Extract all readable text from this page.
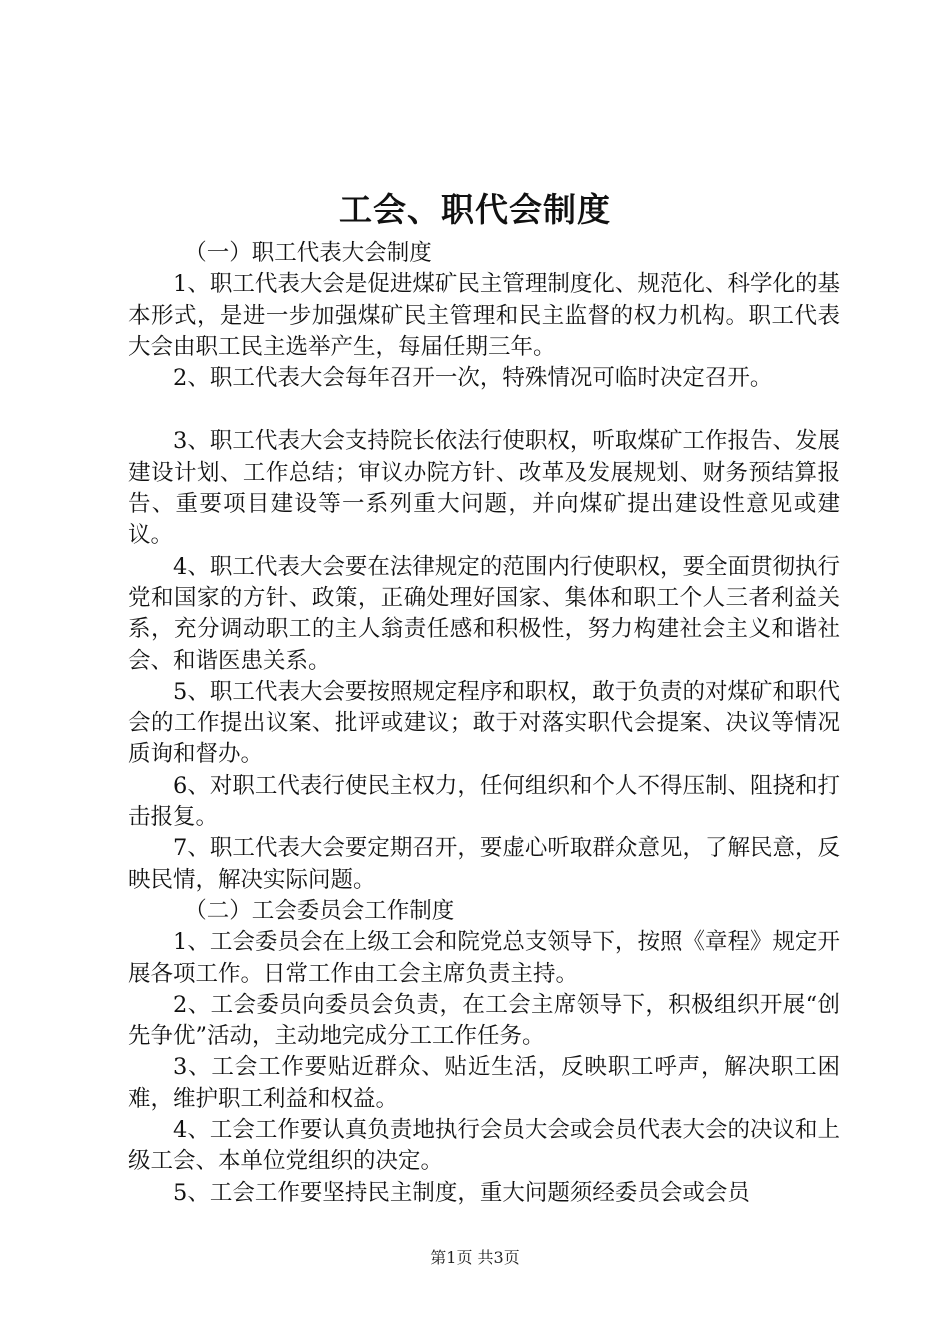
工会、职代会制度

（一）职工代表大会制度

1、职工代表大会是促进煤矿民主管理制度化、规范化、科学化的基本形式，是进一步加强煤矿民主管理和民主监督的权力机构。职工代表大会由职工民主选举产生，每届任期三年。

2、职工代表大会每年召开一次，特殊情况可临时决定召开。

3、职工代表大会支持院长依法行使职权，听取煤矿工作报告、发展建设计划、工作总结；审议办院方针、改革及发展规划、财务预结算报告、重要项目建设等一系列重大问题，并向煤矿提出建设性意见或建议。

4、职工代表大会要在法律规定的范围内行使职权，要全面贯彻执行党和国家的方针、政策，正确处理好国家、集体和职工个人三者利益关系，充分调动职工的主人翁责任感和积极性，努力构建社会主义和谐社会、和谐医患关系。

5、职工代表大会要按照规定程序和职权，敢于负责的对煤矿和职代会的工作提出议案、批评或建议；敢于对落实职代会提案、决议等情况质询和督办。

6、对职工代表行使民主权力，任何组织和个人不得压制、阻挠和打击报复。

7、职工代表大会要定期召开，要虚心听取群众意见，了解民意，反映民情，解决实际问题。

（二）工会委员会工作制度

1、工会委员会在上级工会和院党总支领导下，按照《章程》规定开展各项工作。日常工作由工会主席负责主持。

2、工会委员向委员会负责，在工会主席领导下，积极组织开展“创先争优”活动，主动地完成分工工作任务。

3、工会工作要贴近群众、贴近生活，反映职工呼声，解决职工困难，维护职工利益和权益。

4、工会工作要认真负责地执行会员大会或会员代表大会的决议和上级工会、本单位党组织的决定。

5、工会工作要坚持民主制度，重大问题须经委员会或会员

第1页 共3页
